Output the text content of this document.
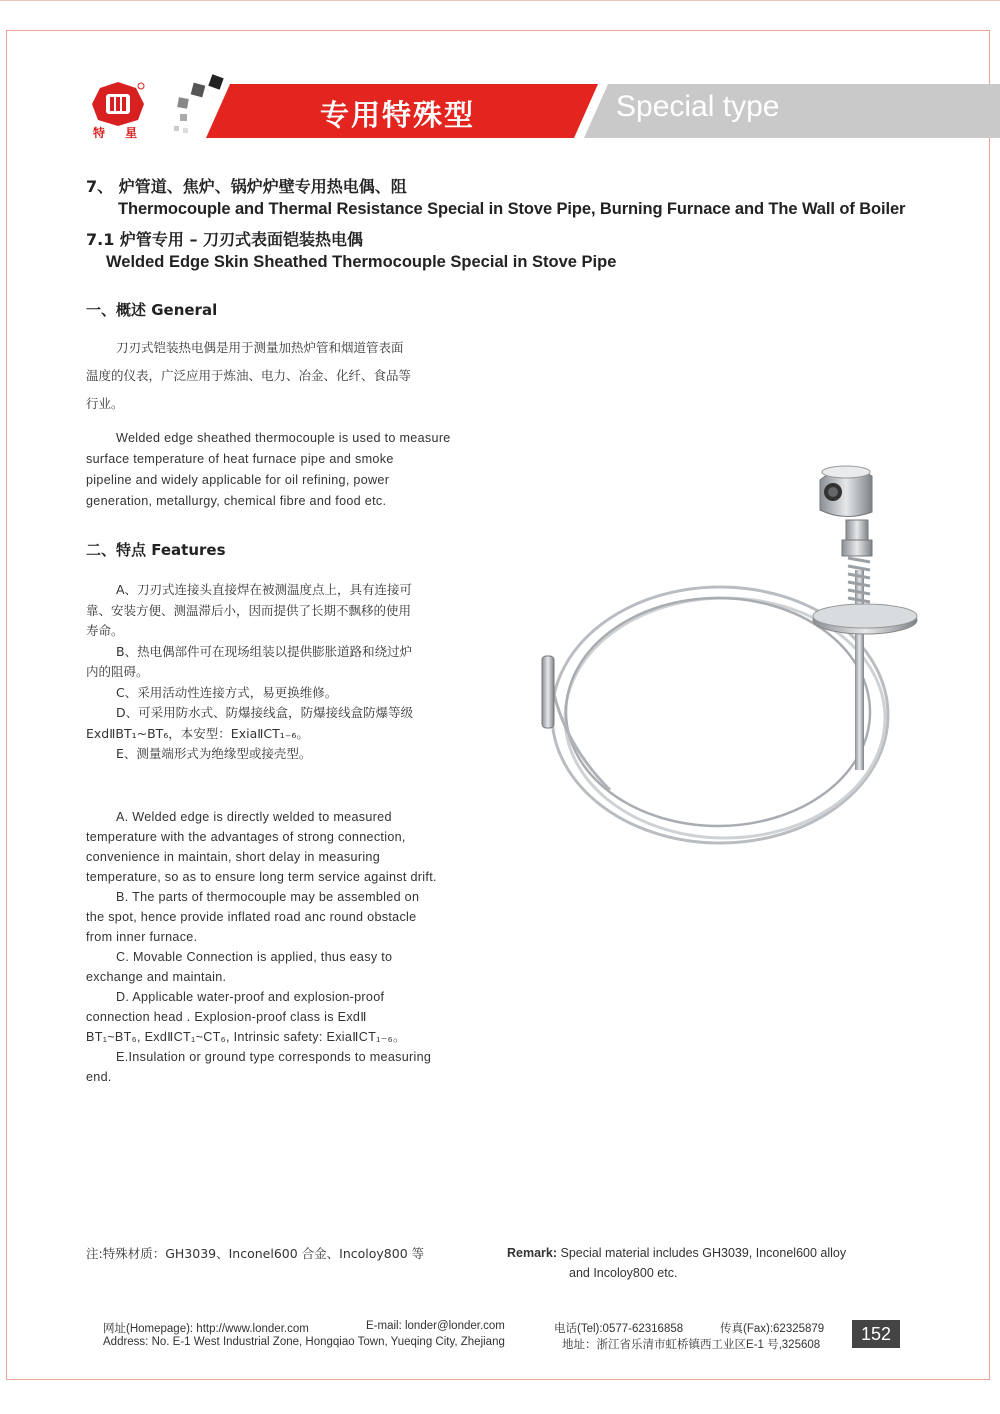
特 星
专用特殊型	Special type
7、 炉管道、焦炉、锅炉炉壁专用热电偶、阻
Thermocouple and Thermal Resistance Special in Stove Pipe, Burning Furnace and The Wall of Boiler
7.1 炉管专用 – 刀刃式表面铠装热电偶
Welded Edge Skin Sheathed Thermocouple Special in Stove Pipe
一、概述 General
刀刃式铠装热电偶是用于测量加热炉管和烟道管表面
温度的仪表，广泛应用于炼油、电力、冶金、化纤、食品等
行业。
Welded edge sheathed thermocouple is used to measure
surface temperature of heat furnace pipe and smoke
pipeline and widely applicable for oil refining, power
generation, metallurgy, chemical fibre and food etc.
二、特点 Features
A、刀刃式连接头直接焊在被测温度点上，具有连接可
靠、安装方便、测温滞后小，因而提供了长期不飘移的使用
寿命。
B、热电偶部件可在现场组装以提供膨胀道路和绕过炉
内的阻碍。
C、采用活动性连接方式，易更换维修。
D、可采用防水式、防爆接线盒，防爆接线盒防爆等级
ExdⅡBT₁~BT₆，本安型：ExiaⅡCT₁₋₆。
E、测量端形式为绝缘型或接壳型。
A. Welded edge is directly welded to measured
temperature with the advantages of strong connection,
convenience in maintain, short delay in measuring
temperature, so as to ensure long term service against drift.
B. The parts of thermocouple may be assembled on
the spot, hence provide inflated road anc round obstacle
from inner furnace.
C. Movable Connection is applied, thus easy to
exchange and maintain.
D. Applicable water-proof and explosion-proof
connection head . Explosion-proof class is ExdⅡ
BT₁~BT₆, ExdⅡCT₁~CT₆, Intrinsic safety: ExiaⅡCT₁₋₆。
E.Insulation or ground type corresponds to measuring
end.
注:特殊材质：GH3039、Inconel600 合金、Incoloy800 等	Remark: Special material includes GH3039, Inconel600 alloy
and Incoloy800 etc.
网址(Homepage): http://www.londer.com	E-mail: londer@londer.com	电话(Tel):0577-62316858	传真(Fax):62325879
Address: No. E-1 West Industrial Zone, Hongqiao Town, Yueqing City, Zhejiang	地址：浙江省乐清市虹桥镇西工业区E-1 号,325608
152
